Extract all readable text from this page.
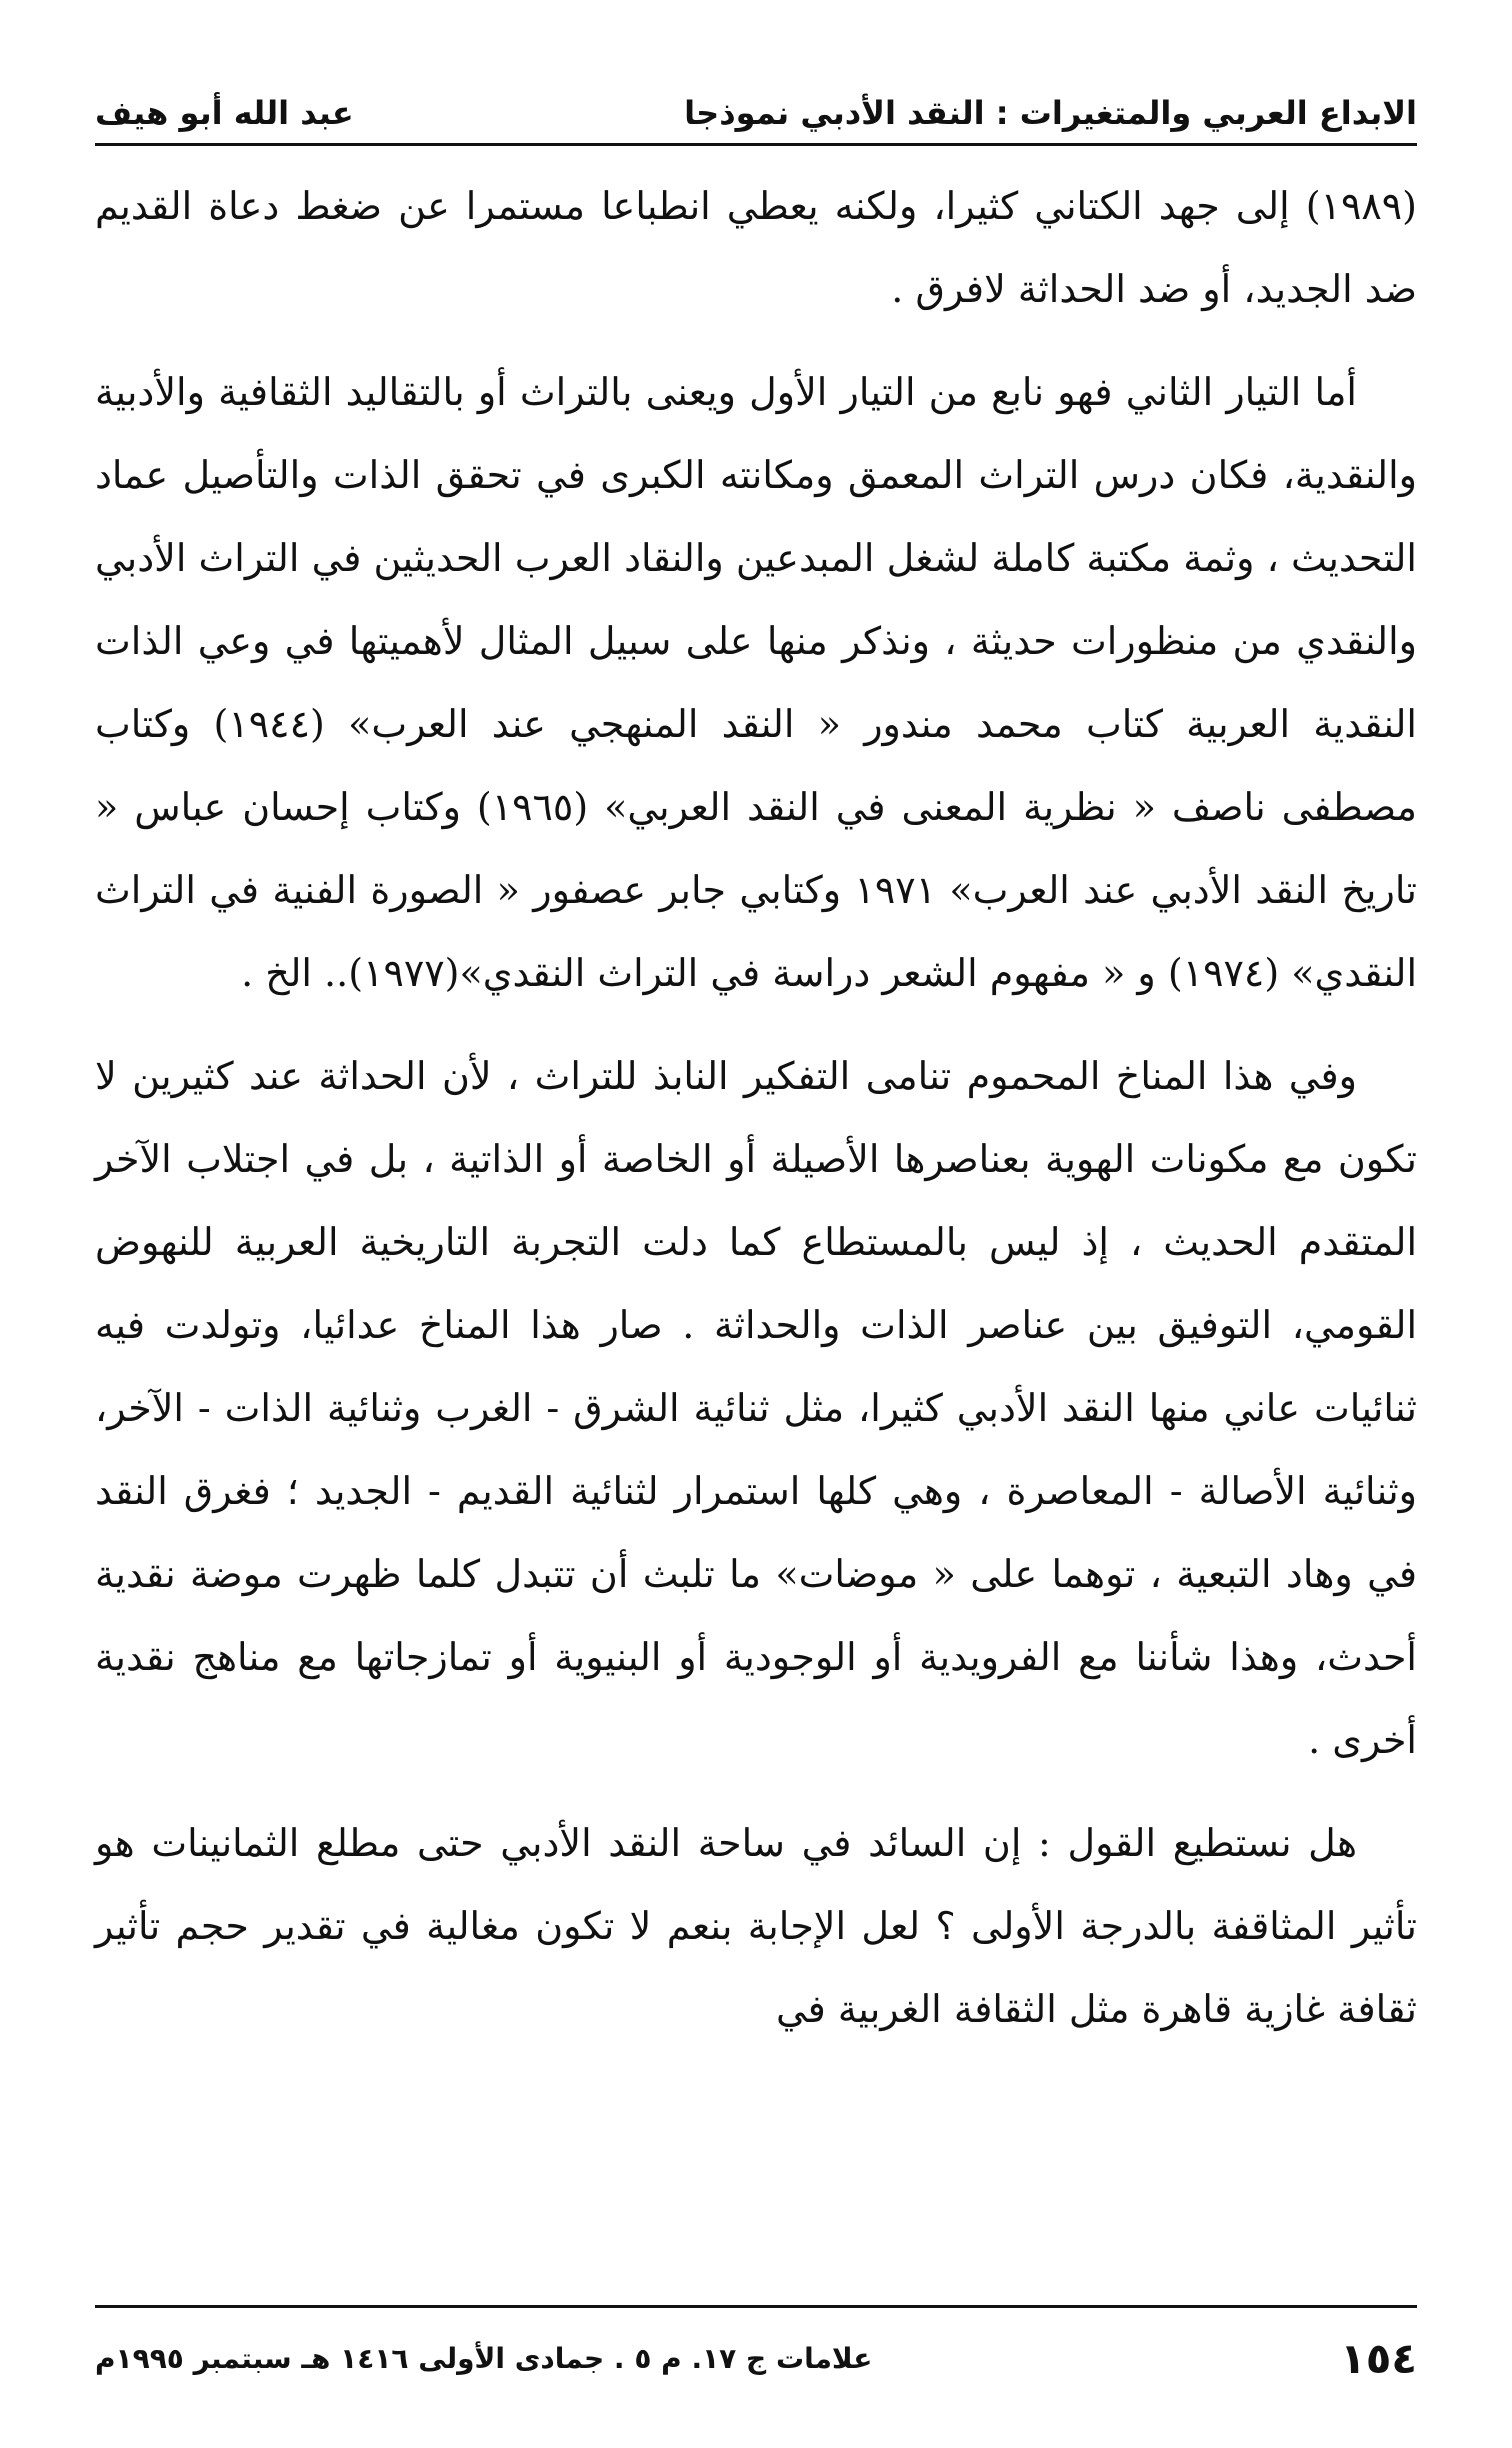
الابداع العربي والمتغيرات : النقد الأدبي نموذجا
عبد الله أبو هيف

(١٩٨٩) إلى جهد الكتاني كثيرا، ولكنه يعطي انطباعا مستمرا عن ضغط دعاة القديم ضد الجديد، أو ضد الحداثة لافرق .

أما التيار الثاني فهو نابع من التيار الأول ويعنى بالتراث أو بالتقاليد الثقافية والأدبية والنقدية، فكان درس التراث المعمق ومكانته الكبرى في تحقق الذات والتأصيل عماد التحديث ، وثمة مكتبة كاملة لشغل المبدعين والنقاد العرب الحديثين في التراث الأدبي والنقدي من منظورات حديثة ، ونذكر منها على سبيل المثال لأهميتها في وعي الذات النقدية العربية كتاب محمد مندور « النقد المنهجي عند العرب» (١٩٤٤) وكتاب مصطفى ناصف « نظرية المعنى في النقد العربي» (١٩٦٥) وكتاب إحسان عباس « تاريخ النقد الأدبي عند العرب» ١٩٧١ وكتابي جابر عصفور « الصورة الفنية في التراث النقدي» (١٩٧٤) و « مفهوم الشعر دراسة في التراث النقدي»(١٩٧٧).. الخ .

وفي هذا المناخ المحموم تنامى التفكير النابذ للتراث ، لأن الحداثة عند كثيرين لا تكون مع مكونات الهوية بعناصرها الأصيلة أو الخاصة أو الذاتية ، بل في اجتلاب الآخر المتقدم الحديث ، إذ ليس بالمستطاع كما دلت التجربة التاريخية العربية للنهوض القومي، التوفيق بين عناصر الذات والحداثة . صار هذا المناخ عدائيا، وتولدت فيه ثنائيات عاني منها النقد الأدبي كثيرا، مثل ثنائية الشرق - الغرب وثنائية الذات - الآخر، وثنائية الأصالة - المعاصرة ، وهي كلها استمرار لثنائية القديم - الجديد ؛ فغرق النقد في وهاد التبعية ، توهما على « موضات» ما تلبث أن تتبدل كلما ظهرت موضة نقدية أحدث، وهذا شأننا مع الفرويدية أو الوجودية أو البنيوية أو تمازجاتها مع مناهج نقدية أخرى .

هل نستطيع القول : إن السائد في ساحة النقد الأدبي حتى مطلع الثمانينات هو تأثير المثاقفة بالدرجة الأولى ؟ لعل الإجابة بنعم لا تكون مغالية في تقدير حجم تأثير ثقافة غازية قاهرة مثل الثقافة الغربية في

١٥٤
علامات ج ١٧. م ٥ . جمادى الأولى ١٤١٦ هـ سبتمبر ١٩٩٥م
